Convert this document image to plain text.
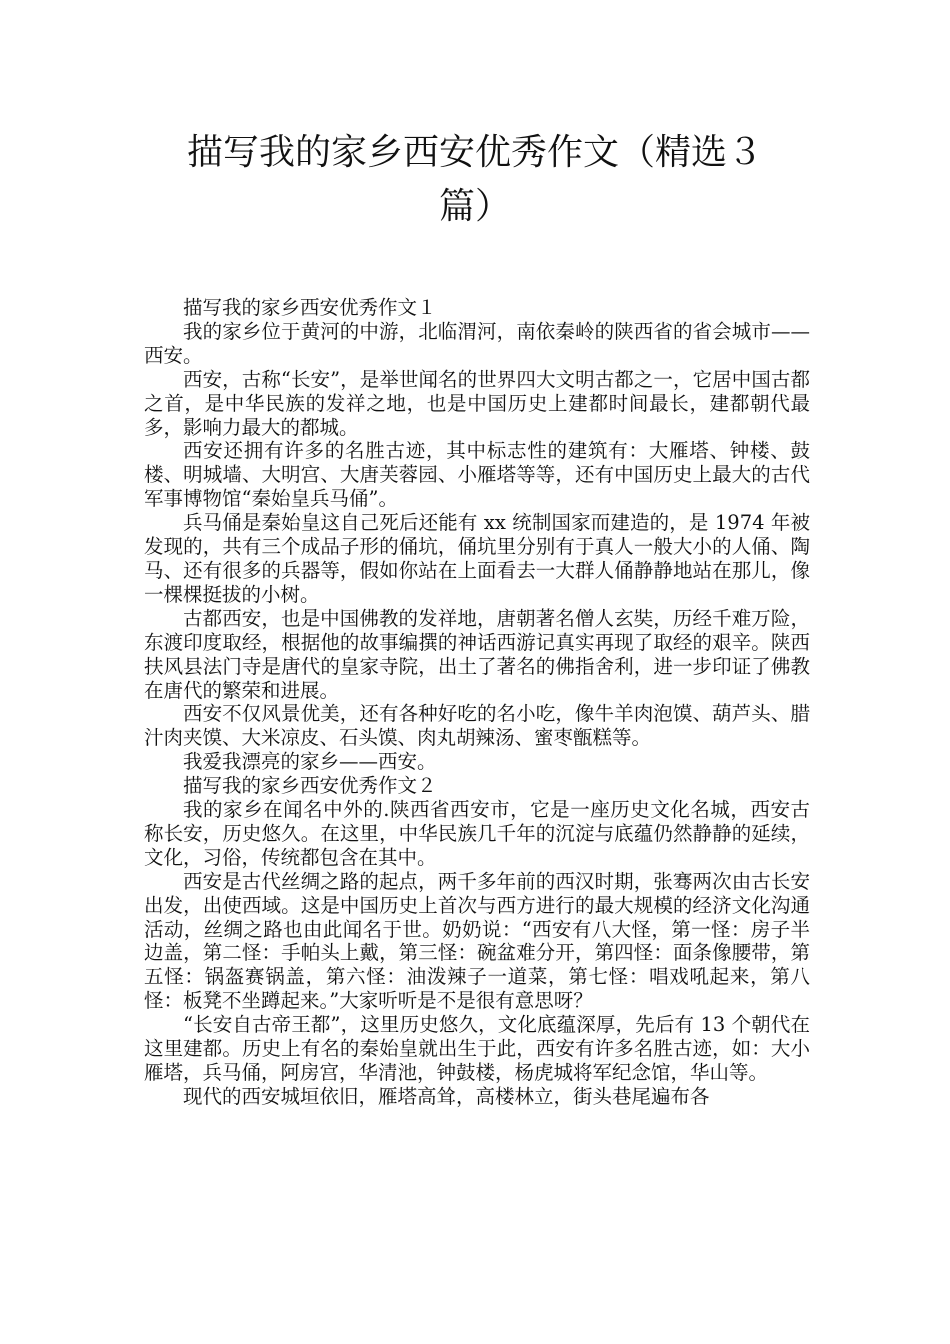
描写我的家乡西安优秀作文（精选３
篇）

描写我的家乡西安优秀作文１

我的家乡位于黄河的中游，北临渭河，南依秦岭的陕西省的省会城市——西安。

西安，古称“长安”，是举世闻名的世界四大文明古都之一，它居中国古都之首，是中华民族的发祥之地，也是中国历史上建都时间最长，建都朝代最多，影响力最大的都城。

西安还拥有许多的名胜古迹，其中标志性的建筑有：大雁塔、钟楼、鼓楼、明城墙、大明宫、大唐芙蓉园、小雁塔等等，还有中国历史上最大的古代军事博物馆“秦始皇兵马俑”。

兵马俑是秦始皇这自己死后还能有 xx 统制国家而建造的，是 1974 年被发现的，共有三个成品子形的俑坑，俑坑里分别有于真人一般大小的人俑、陶马、还有很多的兵器等，假如你站在上面看去一大群人俑静静地站在那儿，像一棵棵挺拔的小树。

古都西安，也是中国佛教的发祥地，唐朝著名僧人玄奘，历经千难万险，东渡印度取经，根据他的故事编撰的神话西游记真实再现了取经的艰辛。陕西扶风县法门寺是唐代的皇家寺院，出土了著名的佛指舍利，进一步印证了佛教在唐代的繁荣和进展。

西安不仅风景优美，还有各种好吃的名小吃，像牛羊肉泡馍、葫芦头、腊汁肉夹馍、大米凉皮、石头馍、肉丸胡辣汤、蜜枣甑糕等。

我爱我漂亮的家乡——西安。

描写我的家乡西安优秀作文２

我的家乡在闻名中外的.陕西省西安市，它是一座历史文化名城，西安古称长安，历史悠久。在这里，中华民族几千年的沉淀与底蕴仍然静静的延续，文化，习俗，传统都包含在其中。

西安是古代丝绸之路的起点，两千多年前的西汉时期，张骞两次由古长安出发，出使西域。这是中国历史上首次与西方进行的最大规模的经济文化沟通活动，丝绸之路也由此闻名于世。奶奶说：“西安有八大怪，第一怪：房子半边盖，第二怪：手帕头上戴，第三怪：碗盆难分开，第四怪：面条像腰带，第五怪：锅盔赛锅盖，第六怪：油泼辣子一道菜，第七怪：唱戏吼起来，第八怪：板凳不坐蹲起来。”大家听听是不是很有意思呀？

“长安自古帝王都”，这里历史悠久，文化底蕴深厚，先后有 13 个朝代在这里建都。历史上有名的秦始皇就出生于此，西安有许多名胜古迹，如：大小雁塔，兵马俑，阿房宫，华清池，钟鼓楼，杨虎城将军纪念馆，华山等。

现代的西安城垣依旧，雁塔高耸，高楼林立，街头巷尾遍布各
